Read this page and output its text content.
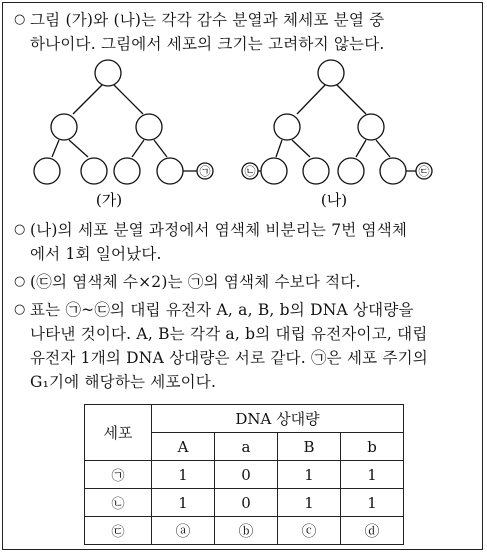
○ 그림 (가)와 (나)는 각각 감수 분열과 체세포 분열 중
하나이다. 그림에서 세포의 크기는 고려하지 않는다.
㉠
(가)
㉡	㉢
(나)
○ (나)의 세포 분열 과정에서 염색체 비분리는 7번 염색체
에서 1회 일어났다.
○ (㉢의 염색체 수×2)는 ㉠의 염색체 수보다 적다.
○ 표는 ㉠~㉢의 대립 유전자 A, a, B, b의 DNA 상대량을
나타낸 것이다. A, B는 각각 a, b의 대립 유전자이고, 대립
유전자 1개의 DNA 상대량은 서로 같다. ㉠은 세포 주기의
G₁기에 해당하는 세포이다.
세포	DNA 상대량			
	A	a	B	b
㉠	1	0	1	1
㉡	1	0	1	1
㉢	ⓐ	ⓑ	ⓒ	ⓓ
